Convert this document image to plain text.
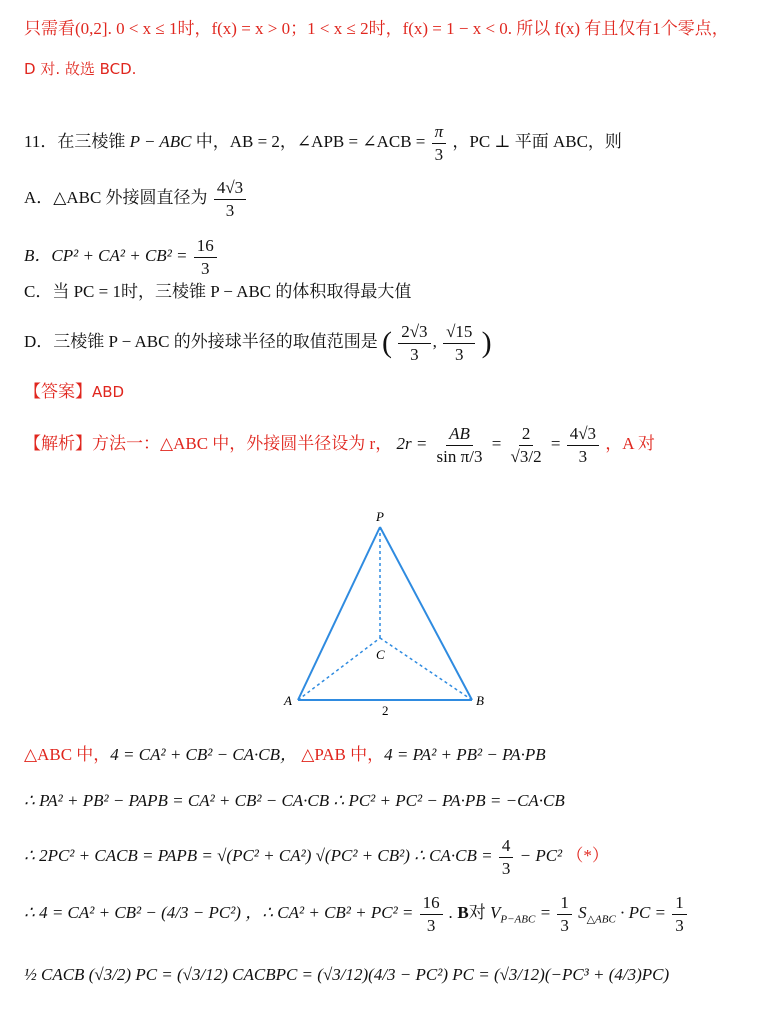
只需看(0,2]. 0 < x ≤ 1时，f(x) = x > 0；1 < x ≤ 2时，f(x) = 1 − x < 0. 所以 f(x) 有且仅有1个零点，
D 对. 故选 BCD.
11．在三棱锥 P − ABC 中，AB = 2，∠APB = ∠ACB = $\frac{\pi}{3}$ ，PC ⊥ 平面 ABC，则
A．△ABC 外接圆直径为 $\frac{4√3}{3}$
B．$CP^2 + CA^2 + CB^2 = \frac{16}{3}$
C．当 PC = 1时，三棱锥 P − ABC 的体积取得最大值
D．三棱锥 P − ABC 的外接球半径的取值范围是 ( $\frac{2√3}{3}$ , $\frac{√15}{3}$ )
【答案】ABD
【解析】方法一：△ABC 中，外接圆半径设为 r， $2r = \frac{AB}{\text{sin π/3}} = \frac{2}{√3/2} = \frac{4√3}{3}$ ，A 对
P
C
A	B
2
△ABC 中，4 = CA² + CB² − CA·CB， △PAB 中，4 = PA² + PB² − PA·PB
∴ PA² + PB² − PAPB = CA² + CB² − CA·CB ∴ PC² + PC² − PA·PB = −CA·CB
∴ 2PC² + CACB = PAPB = √(PC² + CA²) √(PC² + CB²) ∴ $CA\cdot CB = \frac{4}{3} - PC^2$ （*）
∴ 4 = CA² + CB² − (4/3 − PC²) ，∴ $CA^2 + CB^2 + PC^2 = \frac{16}{3}$ . B对 $V_{P-ABC} = \frac{1}{3} S_{\triangle ABC}$ · PC = $\frac{1}{3}$
½ CACB (√3/2) PC = (√3/12) CACBPC = (√3/12)(4/3 − PC²) PC = (√3/12)(−PC³ + (4/3)PC)
